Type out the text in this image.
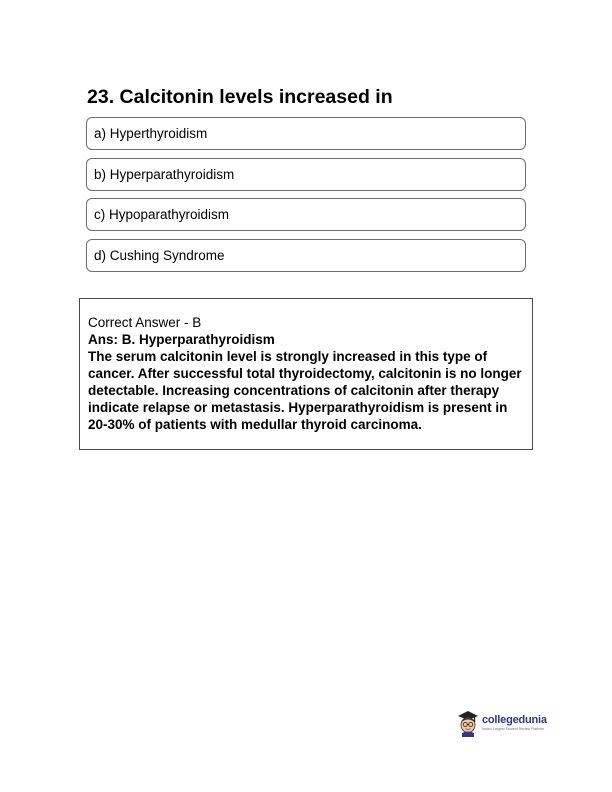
23. Calcitonin levels increased in
a) Hyperthyroidism
b) Hyperparathyroidism
c) Hypoparathyroidism
d) Cushing Syndrome

Correct Answer - B

Ans: B. Hyperparathyroidism

The serum calcitonin level is strongly increased in this type of cancer. After successful total thyroidectomy, calcitonin is no longer detectable. Increasing concentrations of calcitonin after therapy indicate relapse or metastasis. Hyperparathyroidism is present in 20-30% of patients with medullar thyroid carcinoma.

collegedunia
India's Largest Student Review Platform
